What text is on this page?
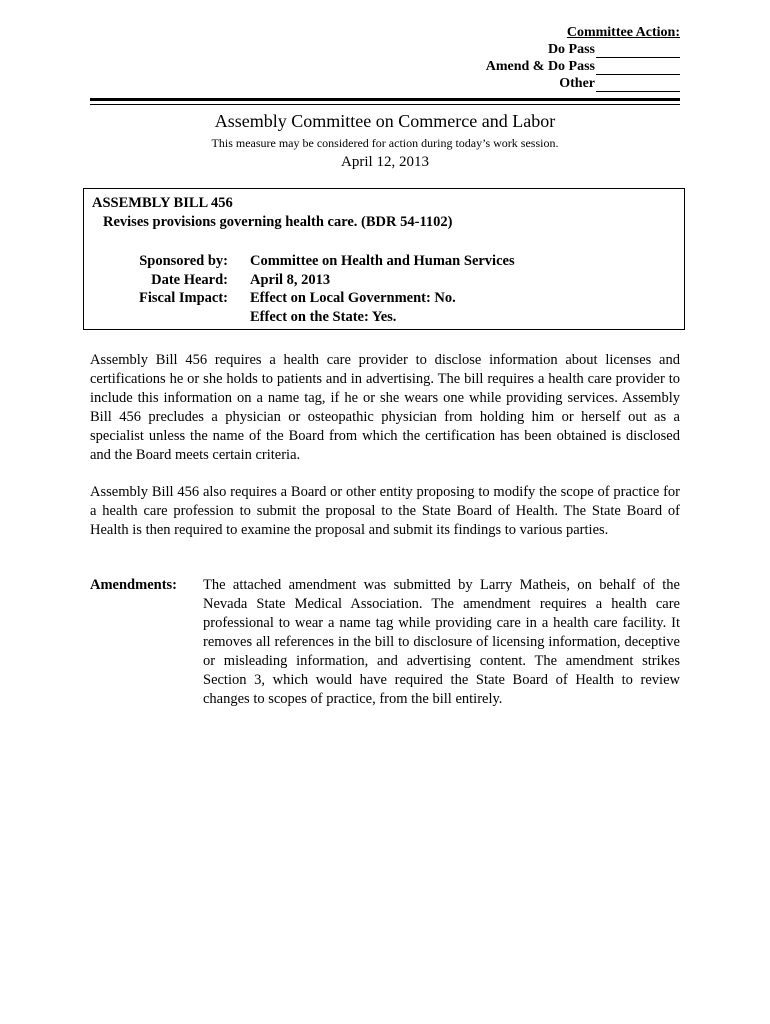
Committee Action:
Do Pass
Amend & Do Pass
Other
Assembly Committee on Commerce and Labor
This measure may be considered for action during today’s work session.
April 12, 2013
ASSEMBLY BILL 456
Revises provisions governing health care. (BDR 54-1102)
Sponsored by: Committee on Health and Human Services
Date Heard: April 8, 2013
Fiscal Impact: Effect on Local Government: No.
Effect on the State: Yes.
Assembly Bill 456 requires a health care provider to disclose information about licenses and certifications he or she holds to patients and in advertising. The bill requires a health care provider to include this information on a name tag, if he or she wears one while providing services. Assembly Bill 456 precludes a physician or osteopathic physician from holding him or herself out as a specialist unless the name of the Board from which the certification has been obtained is disclosed and the Board meets certain criteria.
Assembly Bill 456 also requires a Board or other entity proposing to modify the scope of practice for a health care profession to submit the proposal to the State Board of Health. The State Board of Health is then required to examine the proposal and submit its findings to various parties.
Amendments: The attached amendment was submitted by Larry Matheis, on behalf of the Nevada State Medical Association. The amendment requires a health care professional to wear a name tag while providing care in a health care facility. It removes all references in the bill to disclosure of licensing information, deceptive or misleading information, and advertising content. The amendment strikes Section 3, which would have required the State Board of Health to review changes to scopes of practice, from the bill entirely.
